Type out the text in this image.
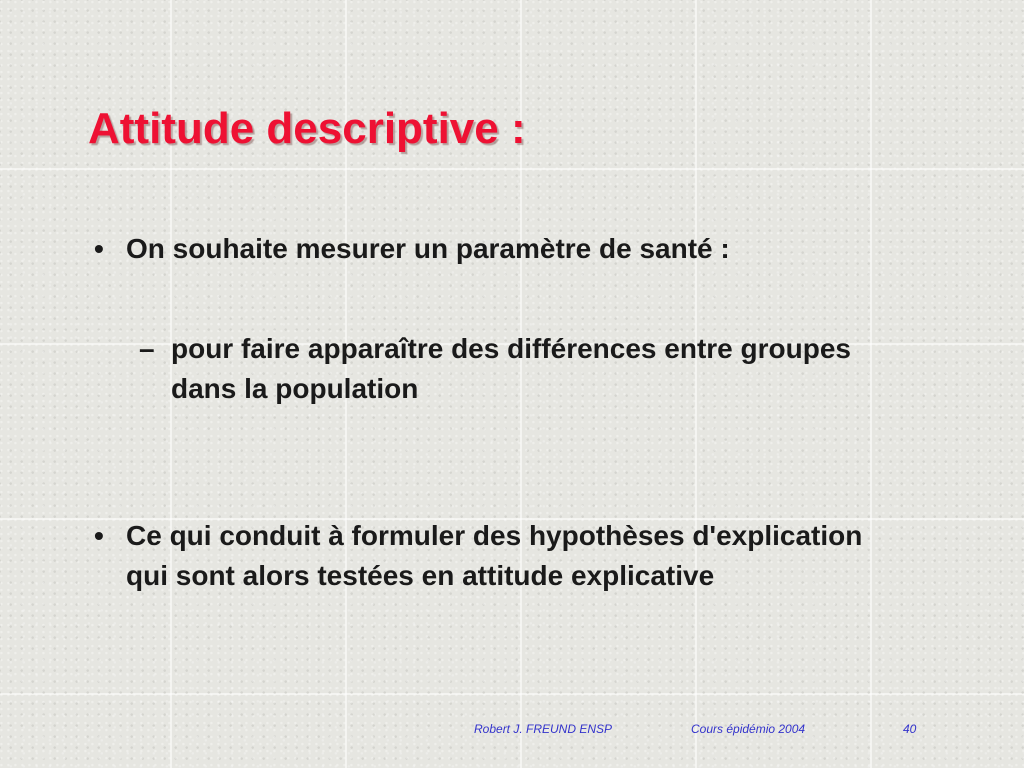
Attitude descriptive :
• On souhaite mesurer un paramètre de santé :
– pour faire apparaître des différences entre groupes dans la population
• Ce qui conduit à formuler des hypothèses d'explication qui sont alors testées en attitude explicative
Robert J. FREUND ENSP	Cours épidémio 2004	40
